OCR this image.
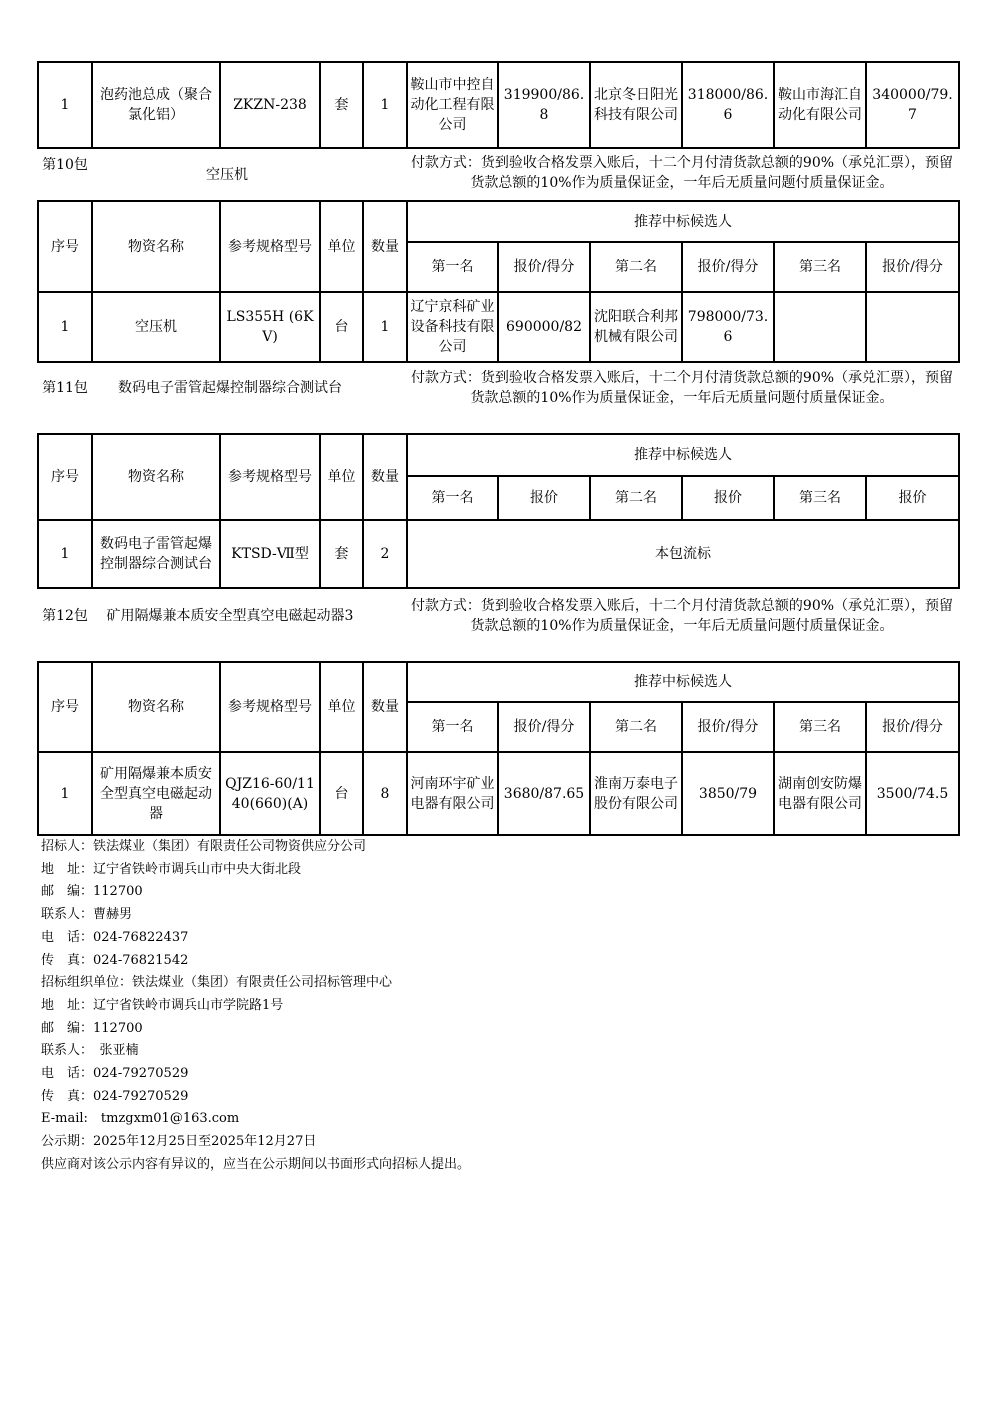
1	泡药池总成（聚合氯化铝）	ZKZN-238	套	1	鞍山市中控自动化工程有限公司	319900/86.8	北京冬日阳光科技有限公司	318000/86.6	鞍山市海汇自动化有限公司	340000/79.7
第10包
空压机
付款方式：货到验收合格发票入账后，十二个月付清货款总额的90%（承兑汇票），预留货款总额的10%作为质量保证金，一年后无质量问题付质量保证金。
序号	物资名称	参考规格型号	单位	数量	推荐中标候选人					
					第一名	报价/得分	第二名	报价/得分	第三名	报价/得分
1	空压机	LS355H (6KV)	台	1	辽宁京科矿业设备科技有限公司	690000/82	沈阳联合利邦机械有限公司	798000/73.6		
第11包	数码电子雷管起爆控制器综合测试台
付款方式：货到验收合格发票入账后，十二个月付清货款总额的90%（承兑汇票），预留货款总额的10%作为质量保证金，一年后无质量问题付质量保证金。
序号	物资名称	参考规格型号	单位	数量	推荐中标候选人					
					第一名	报价	第二名	报价	第三名	报价
1	数码电子雷管起爆控制器综合测试台	KTSD-Ⅶ型	套	2	本包流标					
第12包	矿用隔爆兼本质安全型真空电磁起动器3
付款方式：货到验收合格发票入账后，十二个月付清货款总额的90%（承兑汇票），预留货款总额的10%作为质量保证金，一年后无质量问题付质量保证金。
序号	物资名称	参考规格型号	单位	数量	推荐中标候选人					
					第一名	报价/得分	第二名	报价/得分	第三名	报价/得分
1	矿用隔爆兼本质安全型真空电磁起动器	QJZ16-60/1140(660)(A)	台	8	河南环宇矿业电器有限公司	3680/87.65	淮南万泰电子股份有限公司	3850/79	湖南创安防爆电器有限公司	3500/74.5
招标人：铁法煤业（集团）有限责任公司物资供应分公司
地　址：辽宁省铁岭市调兵山市中央大街北段
邮　编：112700
联系人：曹赫男
电　话：024-76822437
传　真：024-76821542
招标组织单位：铁法煤业（集团）有限责任公司招标管理中心
地　址：辽宁省铁岭市调兵山市学院路1号
邮　编：112700
联系人：　张亚楠
电　话：024-79270529
传　真：024-79270529
E-mail:　tmzgxm01@163.com
公示期：2025年12月25日至2025年12月27日
供应商对该公示内容有异议的，应当在公示期间以书面形式向招标人提出。
